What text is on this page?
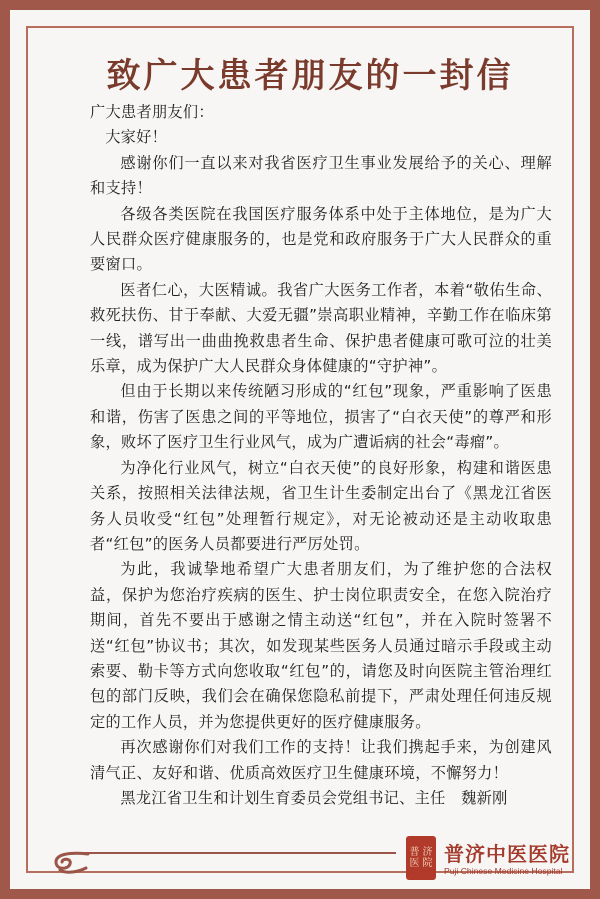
致广大患者朋友的一封信

广大患者朋友们：

大家好！

感谢你们一直以来对我省医疗卫生事业发展给予的关心、理解和支持！

各级各类医院在我国医疗服务体系中处于主体地位，是为广大人民群众医疗健康服务的，也是党和政府服务于广大人民群众的重要窗口。

医者仁心，大医精诚。我省广大医务工作者，本着“敬佑生命、救死扶伤、甘于奉献、大爱无疆”崇高职业精神，辛勤工作在临床第一线，谱写出一曲曲挽救患者生命、保护患者健康可歌可泣的壮美乐章，成为保护广大人民群众身体健康的“守护神”。

但由于长期以来传统陋习形成的“红包”现象，严重影响了医患和谐，伤害了医患之间的平等地位，损害了“白衣天使”的尊严和形象，败坏了医疗卫生行业风气，成为广遭诟病的社会“毒瘤”。

为净化行业风气，树立“白衣天使”的良好形象，构建和谐医患关系，按照相关法律法规，省卫生计生委制定出台了《黑龙江省医务人员收受“红包”处理暂行规定》，对无论被动还是主动收取患者“红包”的医务人员都要进行严厉处罚。

为此，我诚挚地希望广大患者朋友们，为了维护您的合法权益，保护为您治疗疾病的医生、护士岗位职责安全，在您入院治疗期间，首先不要出于感谢之情主动送“红包”，并在入院时签署不送“红包”协议书；其次，如发现某些医务人员通过暗示手段或主动索要、勒卡等方式向您收取“红包”的，请您及时向医院主管治理红包的部门反映，我们会在确保您隐私前提下，严肃处理任何违反规定的工作人员，并为您提供更好的医疗健康服务。

再次感谢你们对我们工作的支持！让我们携起手来，为创建风清气正、友好和谐、优质高效医疗卫生健康环境，不懈努力！

黑龙江省卫生和计划生育委员会党组书记、主任　魏新刚

普 济
医 院 普济中医医院
Puji Chinese Medicine Hospital
